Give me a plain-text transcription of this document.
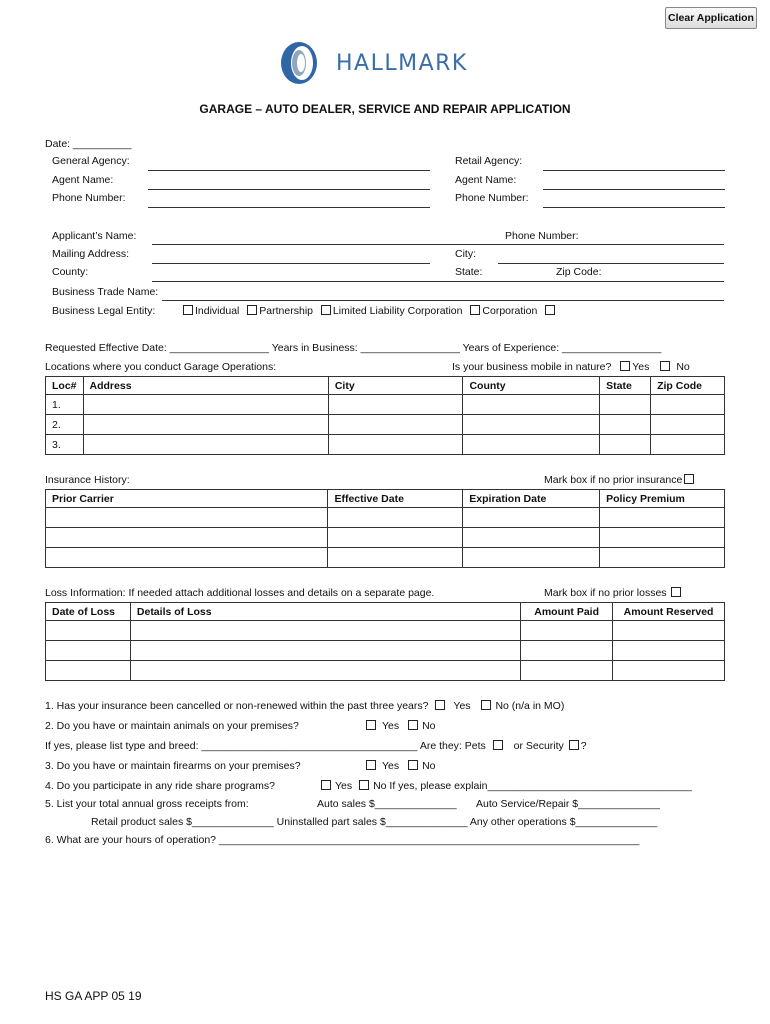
Clear Application
HALLMARK
GARAGE – AUTO DEALER, SERVICE AND REPAIR APPLICATION
Date: __________
General Agency:
Agent Name:
Phone Number:
Retail Agency:
Agent Name:
Phone Number:
Applicant’s Name:	Phone Number:
Mailing Address:	City:
County:	State:	Zip Code:
Business Trade Name:
Business Legal Entity:	Individual Partnership Limited Liability Corporation Corporation
Requested Effective Date: _________________ Years in Business: _________________ Years of Experience: _________________
Locations where you conduct Garage Operations:	Is your business mobile in nature? Yes	No
Loc#	Address	City	County	State	Zip Code
1.					
2.					
3.					
Insurance History:	Mark box if no prior insurance
Prior Carrier	Effective Date	Expiration Date	Policy Premium

Loss Information: If needed attach additional losses and details on a separate page.	Mark box if no prior losses
Date of Loss	Details of Loss	Amount Paid	Amount Reserved

1. Has your insurance been cancelled or non-renewed within the past three years? Yes No (n/a in MO)
2. Do you have or maintain animals on your premises?	Yes No
If yes, please list type and breed: _____________________________________ Are they: Pets	or Security ?
3. Do you have or maintain firearms on your premises?	Yes No
4. Do you participate in any ride share programs?	Yes No If yes, please explain___________________________________
5. List your total annual gross receipts from:	Auto sales $______________ Auto Service/Repair $______________
Retail product sales $______________ Uninstalled part sales $______________ Any other operations $______________
6. What are your hours of operation? ________________________________________________________________________
HS GA APP 05 19
